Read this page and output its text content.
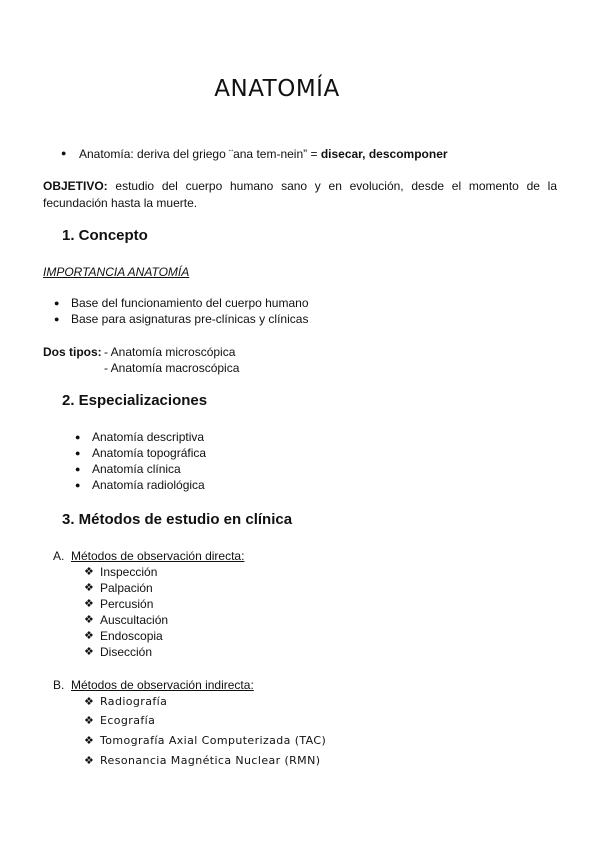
ANATOMÍA
● Anatomía: deriva del griego ¨ana tem-nein” = disecar, descomponer
OBJETIVO: estudio del cuerpo humano sano y en evolución, desde el momento de la fecundación hasta la muerte.
1. Concepto
IMPORTANCIA ANATOMÍA
● Base del funcionamiento del cuerpo humano
● Base para asignaturas pre-clínicas y clínicas
Dos tipos: - Anatomía microscópica
- Anatomía macroscópica
2. Especializaciones
● Anatomía descriptiva
● Anatomía topográfica
● Anatomía clínica
● Anatomía radiológica
3. Métodos de estudio en clínica
A. Métodos de observación directa:
❖ Inspección
❖ Palpación
❖ Percusión
❖ Auscultación
❖ Endoscopia
❖ Disección
B. Métodos de observación indirecta:
❖ Radiografía
❖ Ecografía
❖ Tomografía Axial Computerizada (TAC)
❖ Resonancia Magnética Nuclear (RMN)
